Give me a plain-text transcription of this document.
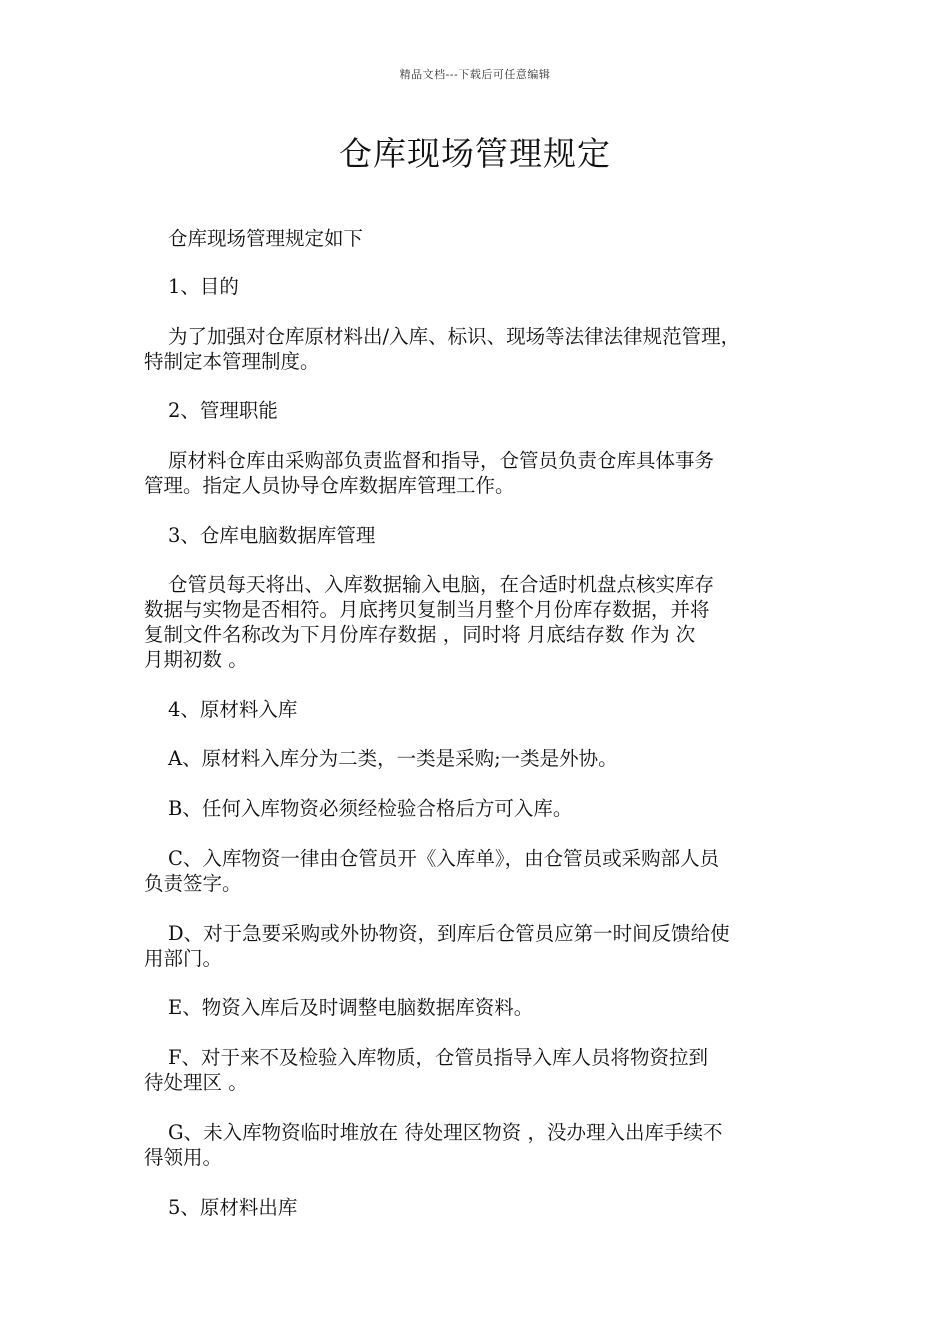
精品文档---下载后可任意编辑
仓库现场管理规定
仓库现场管理规定如下
1、目的
为了加强对仓库原材料出/入库、标识、现场等法律法律规范管理，
特制定本管理制度。
2、管理职能
原材料仓库由采购部负责监督和指导，仓管员负责仓库具体事务
管理。指定人员协导仓库数据库管理工作。
3、仓库电脑数据库管理
仓管员每天将出、入库数据输入电脑，在合适时机盘点核实库存
数据与实物是否相符。月底拷贝复制当月整个月份库存数据，并将
复制文件名称改为下月份库存数据 ，同时将 月底结存数 作为 次
月期初数 。
4、原材料入库
A、原材料入库分为二类，一类是采购;一类是外协。
B、任何入库物资必须经检验合格后方可入库。
C、入库物资一律由仓管员开《入库单》，由仓管员或采购部人员
负责签字。
D、对于急要采购或外协物资，到库后仓管员应第一时间反馈给使
用部门。
E、物资入库后及时调整电脑数据库资料。
F、对于来不及检验入库物质，仓管员指导入库人员将物资拉到
待处理区 。
G、未入库物资临时堆放在 待处理区物资 ，没办理入出库手续不
得领用。
5、原材料出库
